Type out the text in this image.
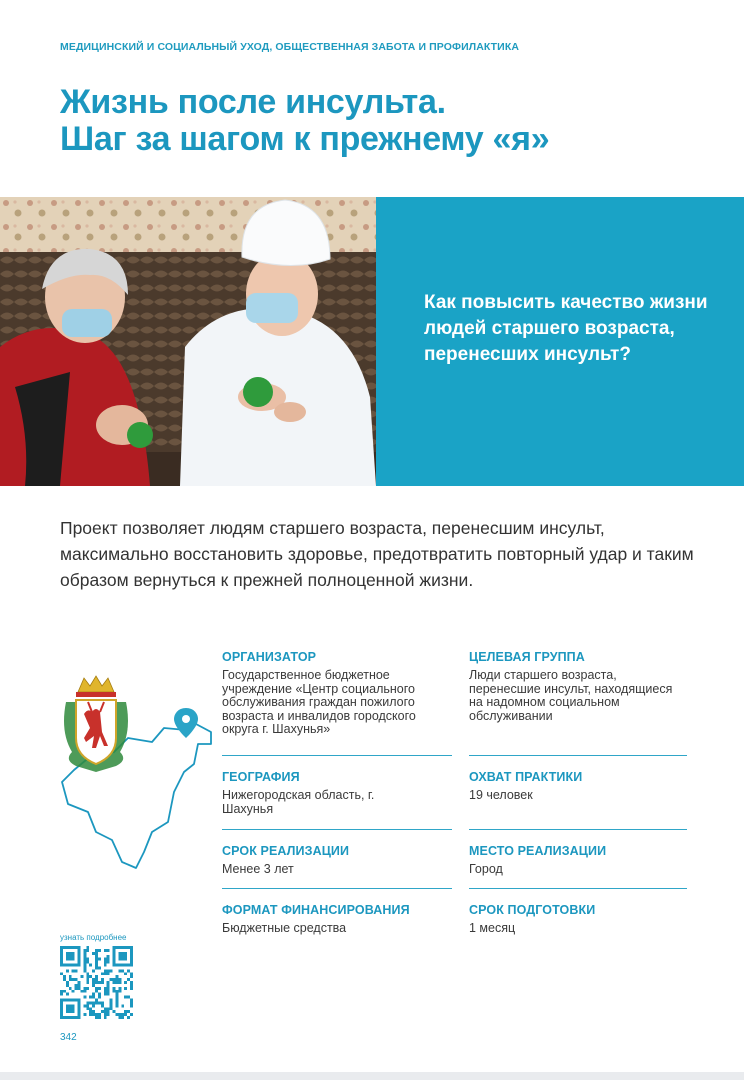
МЕДИЦИНСКИЙ И СОЦИАЛЬНЫЙ УХОД, ОБЩЕСТВЕННАЯ ЗАБОТА И ПРОФИЛАКТИКА
Жизнь после инсульта.
Шаг за шагом к прежнему «я»
Как повысить качество жизни людей старшего возраста, перенесших инсульт?

Проект позволяет людям старшего возраста, перенесшим инсульт, максимально восстановить здоровье, предотвратить повторный удар и таким образом вернуться к прежней полноценной жизни.

ОРГАНИЗАТОР
Государственное бюджетное учреждение «Центр социального обслуживания граждан пожилого возраста и инвалидов городского округа г. Шахунья»
ГЕОГРАФИЯ
Нижегородская область, г. Шахунья
СРОК РЕАЛИЗАЦИИ
Менее 3 лет
ФОРМАТ ФИНАНСИРОВАНИЯ
Бюджетные средства
ЦЕЛЕВАЯ ГРУППА
Люди старшего возраста, перенесшие инсульт, находящиеся на надомном социальном обслуживании
ОХВАТ ПРАКТИКИ
19 человек
МЕСТО РЕАЛИЗАЦИИ
Город
СРОК ПОДГОТОВКИ
1 месяц
узнать подробнее
342
